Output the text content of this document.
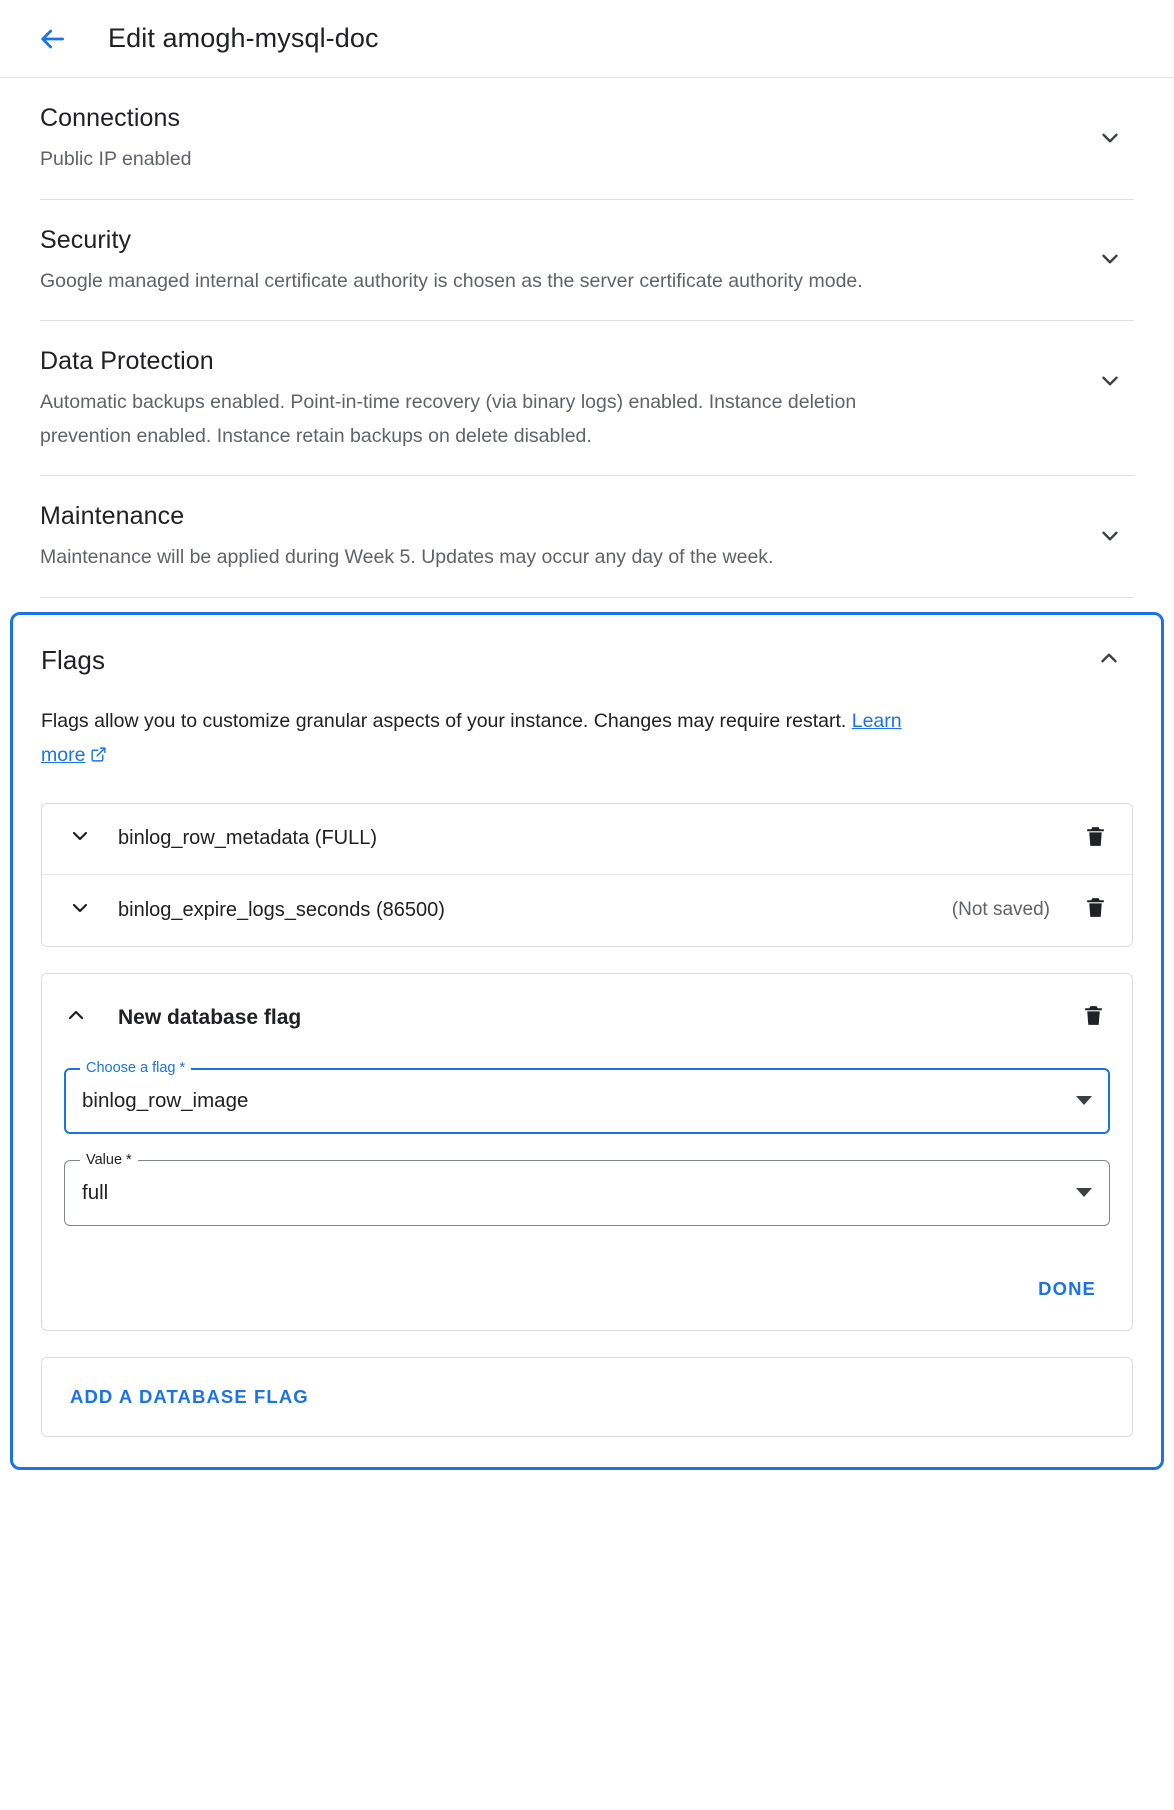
Edit amogh-mysql-doc
Connections
Public IP enabled
Security
Google managed internal certificate authority is chosen as the server certificate authority mode.
Data Protection
Automatic backups enabled. Point-in-time recovery (via binary logs) enabled. Instance deletion prevention enabled. Instance retain backups on delete disabled.
Maintenance
Maintenance will be applied during Week 5. Updates may occur any day of the week.
Flags

Flags allow you to customize granular aspects of your instance. Changes may require restart. Learn more

binlog_row_metadata (FULL)
binlog_expire_logs_seconds (86500)	(Not saved)
New database flag
Choose a flag *
binlog_row_image
Value *
full
DONE
ADD A DATABASE FLAG
